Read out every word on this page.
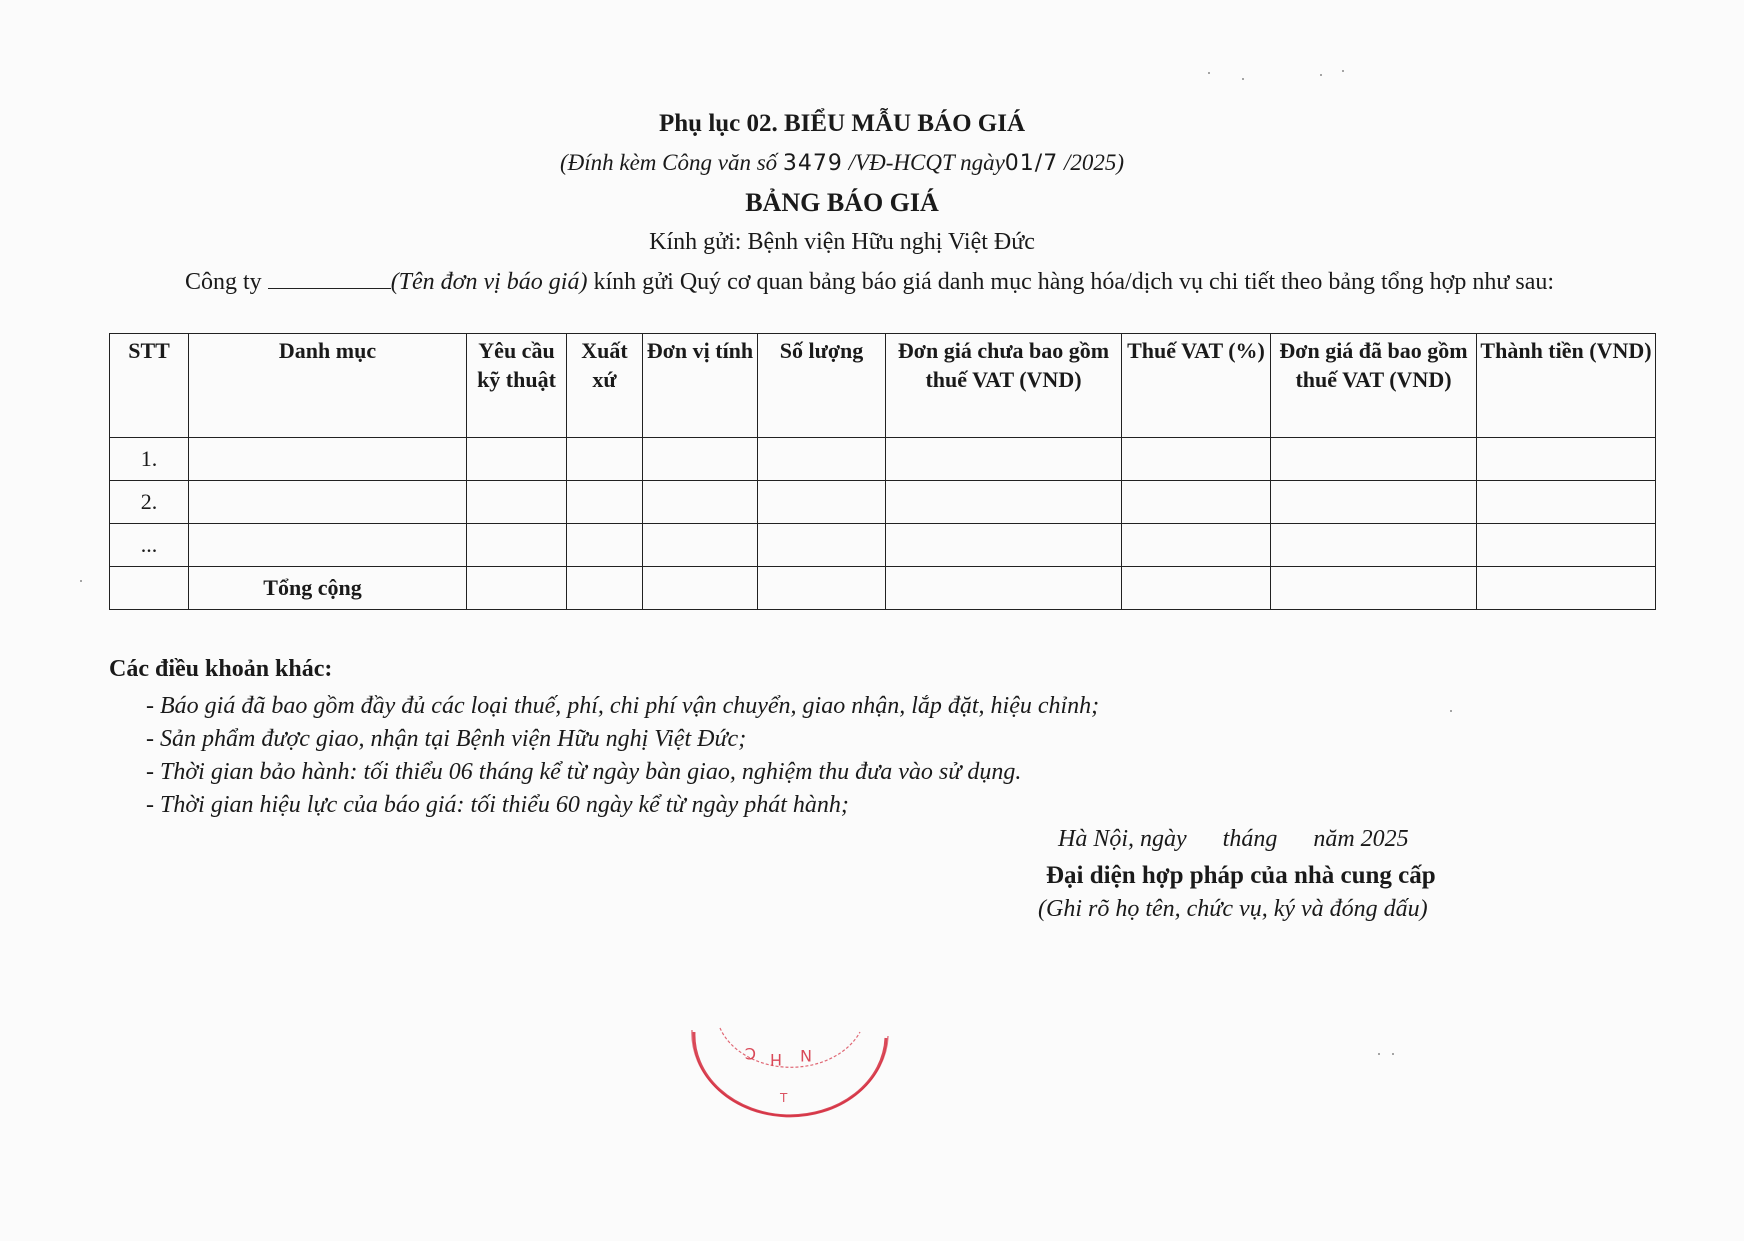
Phụ lục 02. BIỂU MẪU BÁO GIÁ
(Đính kèm Công văn số 3479 /VĐ-HCQT ngày01/7 /2025)
BẢNG BÁO GIÁ
Kính gửi: Bệnh viện Hữu nghị Việt Đức
Công ty	(Tên đơn vị báo giá) kính gửi Quý cơ quan bảng báo giá danh mục hàng hóa/dịch vụ chi tiết theo bảng tổng hợp như sau:
STT	Danh mục	Yêu cầu kỹ thuật	Xuất xứ	Đơn vị tính	Số lượng	Đơn giá chưa bao gồm thuế VAT (VND)	Thuế VAT (%)	Đơn giá đã bao gồm thuế VAT (VND)	Thành tiền (VND)
1.									
2.									
...									
	Tổng cộng								
Các điều khoản khác:
- Báo giá đã bao gồm đầy đủ các loại thuế, phí, chi phí vận chuyển, giao nhận, lắp đặt, hiệu chỉnh;
- Sản phẩm được giao, nhận tại Bệnh viện Hữu nghị Việt Đức;
- Thời gian bảo hành: tối thiểu 06 tháng kể từ ngày bàn giao, nghiệm thu đưa vào sử dụng.
- Thời gian hiệu lực của báo giá: tối thiểu 60 ngày kể từ ngày phát hành;
Hà Nội, ngày      tháng      năm 2025
Đại diện hợp pháp của nhà cung cấp
(Ghi rõ họ tên, chức vụ, ký và đóng dấu)
C H N
T
